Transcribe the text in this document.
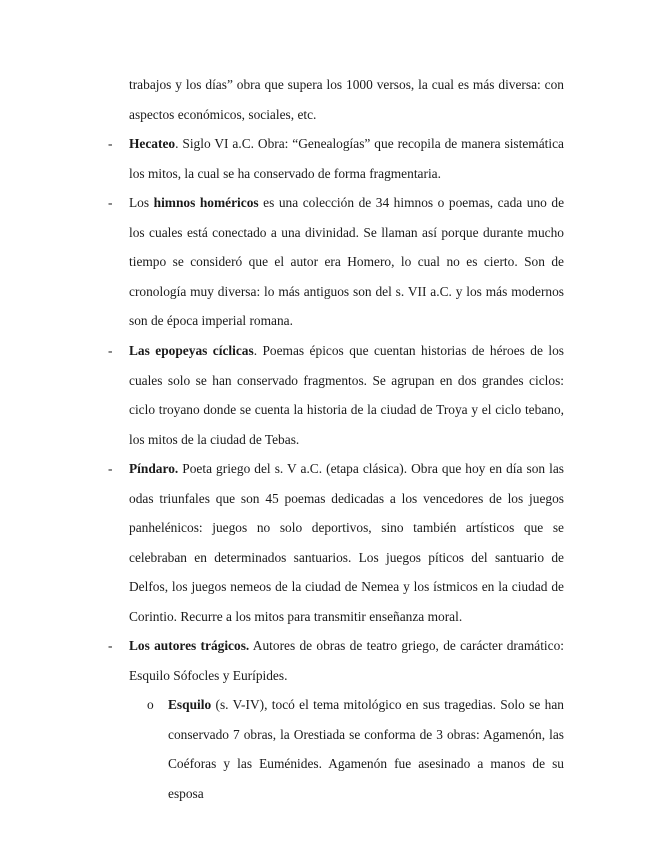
trabajos y los días” obra que supera los 1000 versos, la cual es más diversa: con aspectos económicos, sociales, etc.

- Hecateo. Siglo VI a.C. Obra: “Genealogías” que recopila de manera sistemática los mitos, la cual se ha conservado de forma fragmentaria.

- Los himnos homéricos es una colección de 34 himnos o poemas, cada uno de los cuales está conectado a una divinidad. Se llaman así porque durante mucho tiempo se consideró que el autor era Homero, lo cual no es cierto. Son de cronología muy diversa: lo más antiguos son del s. VII a.C. y los más modernos son de época imperial romana.

- Las epopeyas cíclicas. Poemas épicos que cuentan historias de héroes de los cuales solo se han conservado fragmentos. Se agrupan en dos grandes ciclos: ciclo troyano donde se cuenta la historia de la ciudad de Troya y el ciclo tebano, los mitos de la ciudad de Tebas.

- Píndaro. Poeta griego del s. V a.C. (etapa clásica). Obra que hoy en día son las odas triunfales que son 45 poemas dedicadas a los vencedores de los juegos panhelénicos: juegos no solo deportivos, sino también artísticos que se celebraban en determinados santuarios. Los juegos píticos del santuario de Delfos, los juegos nemeos de la ciudad de Nemea y los ístmicos en la ciudad de Corintio. Recurre a los mitos para transmitir enseñanza moral.

- Los autores trágicos. Autores de obras de teatro griego, de carácter dramático: Esquilo Sófocles y Eurípides.

o Esquilo (s. V-IV), tocó el tema mitológico en sus tragedias. Solo se han conservado 7 obras, la Orestiada se conforma de 3 obras: Agamenón, las Coéforas y las Euménides. Agamenón fue asesinado a manos de su esposa
